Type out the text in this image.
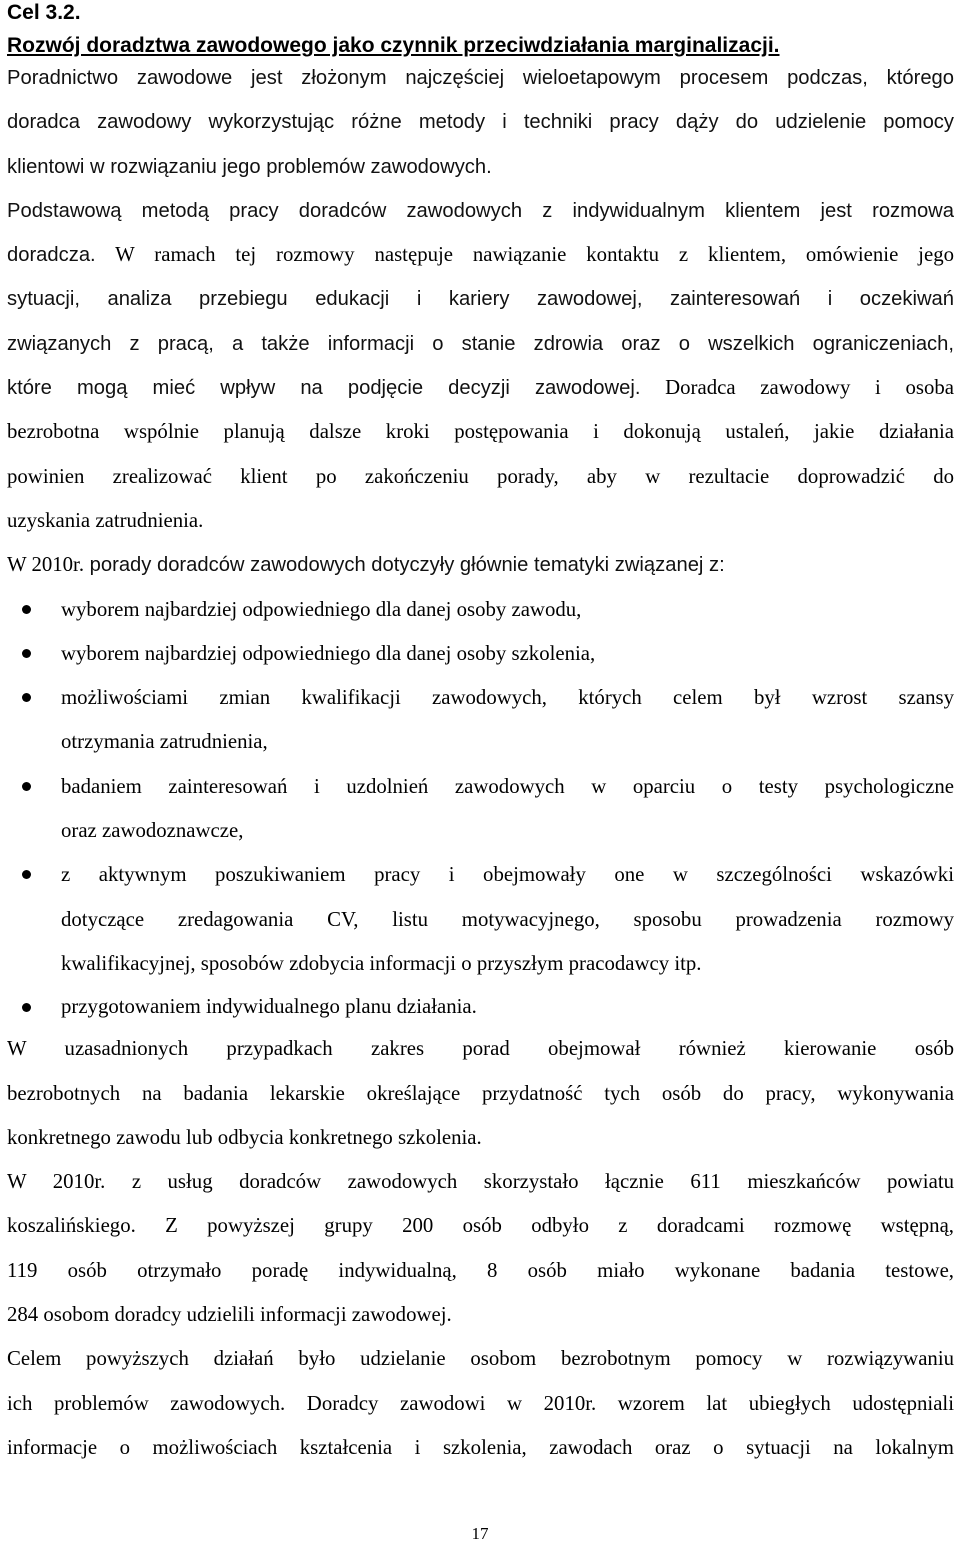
Cel 3.2.
Rozwój doradztwa zawodowego jako czynnik przeciwdziałania marginalizacji.
Poradnictwo zawodowe jest złożonym najczęściej wieloetapowym procesem podczas, którego
doradca zawodowy wykorzystując różne metody i techniki pracy dąży do udzielenie pomocy
klientowi w rozwiązaniu jego problemów zawodowych.
Podstawową metodą pracy doradców zawodowych z indywidualnym klientem jest rozmowa
doradcza. W ramach tej rozmowy następuje nawiązanie kontaktu z klientem, omówienie jego
sytuacji, analiza przebiegu edukacji i kariery zawodowej, zainteresowań i oczekiwań
związanych z pracą, a także informacji o stanie zdrowia oraz o wszelkich ograniczeniach,
które mogą mieć wpływ na podjęcie decyzji zawodowej. Doradca zawodowy i osoba
bezrobotna wspólnie planują dalsze kroki postępowania i dokonują ustaleń, jakie działania
powinien zrealizować klient po zakończeniu porady, aby w rezultacie doprowadzić do
uzyskania zatrudnienia.
W 2010r. porady doradców zawodowych dotyczyły głównie tematyki związanej z:
wyborem najbardziej odpowiedniego dla danej osoby zawodu,
wyborem najbardziej odpowiedniego dla danej osoby szkolenia,
możliwościami zmian kwalifikacji zawodowych, których celem był wzrost szansy
otrzymania zatrudnienia,
badaniem zainteresowań i uzdolnień zawodowych w oparciu o testy psychologiczne
oraz zawodoznawcze,
z aktywnym poszukiwaniem pracy i obejmowały one w szczególności wskazówki
dotyczące zredagowania CV, listu motywacyjnego, sposobu prowadzenia rozmowy
kwalifikacyjnej, sposobów zdobycia informacji o przyszłym pracodawcy itp.
przygotowaniem indywidualnego planu działania.
W uzasadnionych przypadkach zakres porad obejmował również kierowanie osób
bezrobotnych na badania lekarskie określające przydatność tych osób do pracy, wykonywania
konkretnego zawodu lub odbycia konkretnego szkolenia.
W 2010r. z usług doradców zawodowych skorzystało łącznie 611 mieszkańców powiatu
koszalińskiego. Z powyższej grupy 200 osób odbyło z doradcami rozmowę wstępną,
119 osób otrzymało poradę indywidualną, 8 osób miało wykonane badania testowe,
284 osobom doradcy udzielili informacji zawodowej.
Celem powyższych działań było udzielanie osobom bezrobotnym pomocy w rozwiązywaniu
ich problemów zawodowych. Doradcy zawodowi w 2010r. wzorem lat ubiegłych udostępniali
informacje o możliwościach kształcenia i szkolenia, zawodach oraz o sytuacji na lokalnym
17
